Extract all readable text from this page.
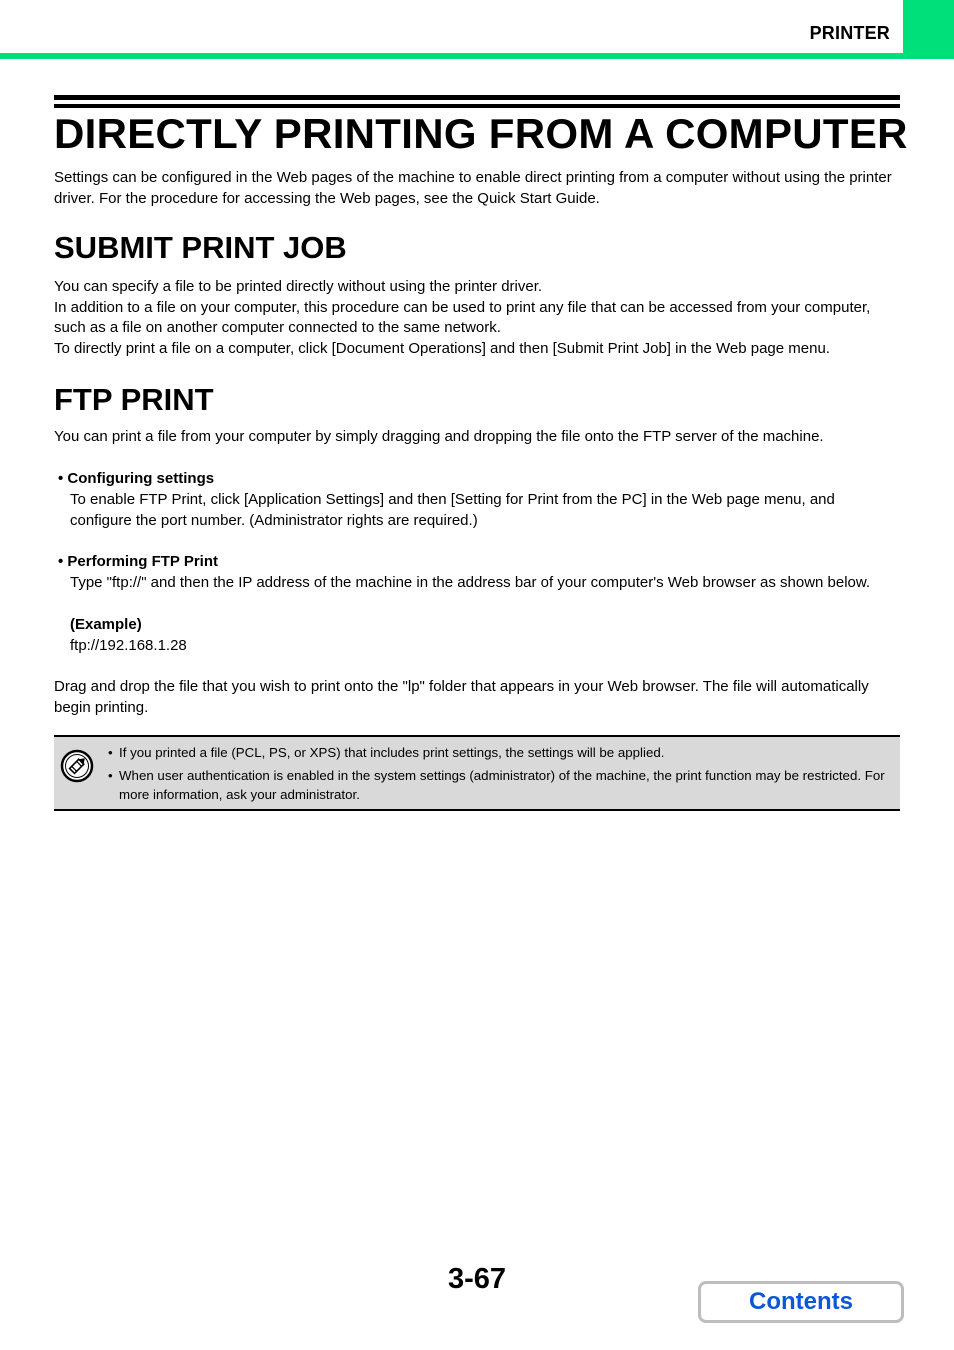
PRINTER
DIRECTLY PRINTING FROM A COMPUTER

Settings can be configured in the Web pages of the machine to enable direct printing from a computer without using the printer driver. For the procedure for accessing the Web pages, see the Quick Start Guide.

SUBMIT PRINT JOB

You can specify a file to be printed directly without using the printer driver.

In addition to a file on your computer, this procedure can be used to print any file that can be accessed from your computer, such as a file on another computer connected to the same network.

To directly print a file on a computer, click [Document Operations] and then [Submit Print Job] in the Web page menu.

FTP PRINT

You can print a file from your computer by simply dragging and dropping the file onto the FTP server of the machine.

• Configuring settings

To enable FTP Print, click [Application Settings] and then [Setting for Print from the PC] in the Web page menu, and configure the port number. (Administrator rights are required.)

• Performing FTP Print

Type "ftp://" and then the IP address of the machine in the address bar of your computer's Web browser as shown below.

(Example)

ftp://192.168.1.28

Drag and drop the file that you wish to print onto the "lp" folder that appears in your Web browser. The file will automatically begin printing.

• If you printed a file (PCL, PS, or XPS) that includes print settings, the settings will be applied.
• When user authentication is enabled in the system settings (administrator) of the machine, the print function may be restricted. For more information, ask your administrator.
3-67
Contents
